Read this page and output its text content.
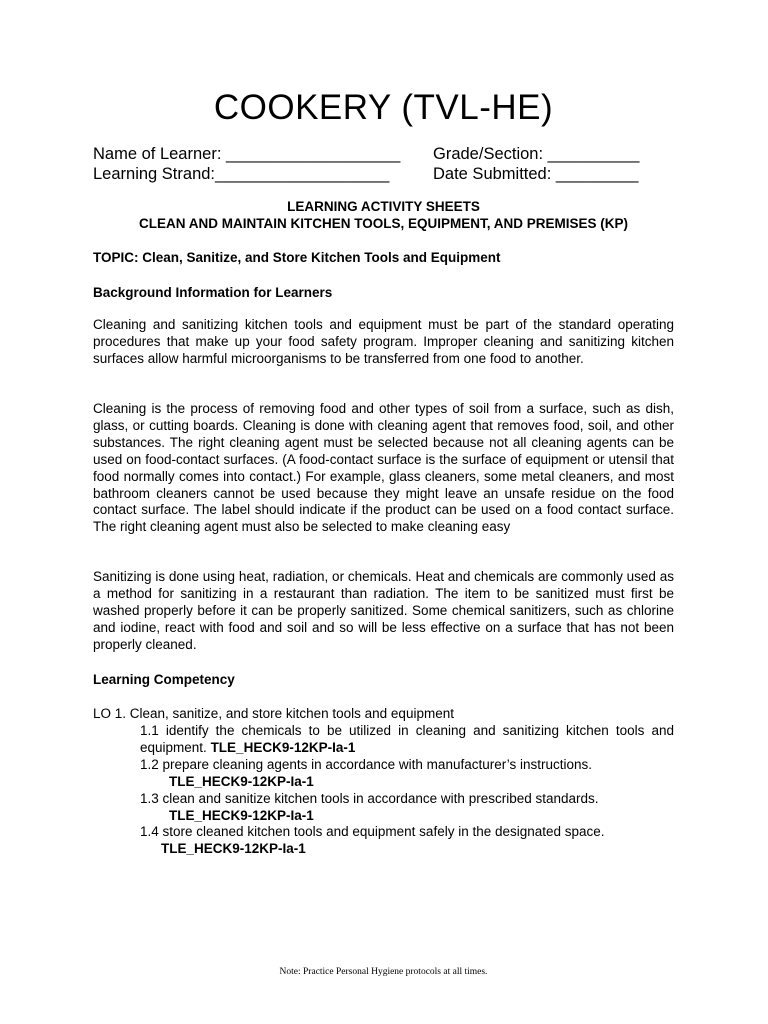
COOKERY (TVL-HE)
Name of Learner: ___________________ Grade/Section: __________
Learning Strand:___________________	Date Submitted: _________
LEARNING ACTIVITY SHEETS
CLEAN AND MAINTAIN KITCHEN TOOLS, EQUIPMENT, AND PREMISES (KP)
TOPIC: Clean, Sanitize, and Store Kitchen Tools and Equipment
Background Information for Learners
Cleaning and sanitizing kitchen tools and equipment must be part of the standard operating procedures that make up your food safety program. Improper cleaning and sanitizing kitchen surfaces allow harmful microorganisms to be transferred from one food to another.
Cleaning is the process of removing food and other types of soil from a surface, such as dish, glass, or cutting boards. Cleaning is done with cleaning agent that removes food, soil, and other substances. The right cleaning agent must be selected because not all cleaning agents can be used on food-contact surfaces. (A food-contact surface is the surface of equipment or utensil that food normally comes into contact.) For example, glass cleaners, some metal cleaners, and most bathroom cleaners cannot be used because they might leave an unsafe residue on the food contact surface. The label should indicate if the product can be used on a food contact surface. The right cleaning agent must also be selected to make cleaning easy
Sanitizing is done using heat, radiation, or chemicals. Heat and chemicals are commonly used as a method for sanitizing in a restaurant than radiation. The item to be sanitized must first be washed properly before it can be properly sanitized. Some chemical sanitizers, such as chlorine and iodine, react with food and soil and so will be less effective on a surface that has not been properly cleaned.
Learning Competency
LO 1. Clean, sanitize, and store kitchen tools and equipment
1.1 identify the chemicals to be utilized in cleaning and sanitizing kitchen tools and equipment. TLE_HECK9-12KP-Ia-1
1.2 prepare cleaning agents in accordance with manufacturer’s instructions.
TLE_HECK9-12KP-Ia-1
1.3 clean and sanitize kitchen tools in accordance with prescribed standards.
TLE_HECK9-12KP-Ia-1
1.4 store cleaned kitchen tools and equipment safely in the designated space.
TLE_HECK9-12KP-Ia-1
Note: Practice Personal Hygiene protocols at all times.
